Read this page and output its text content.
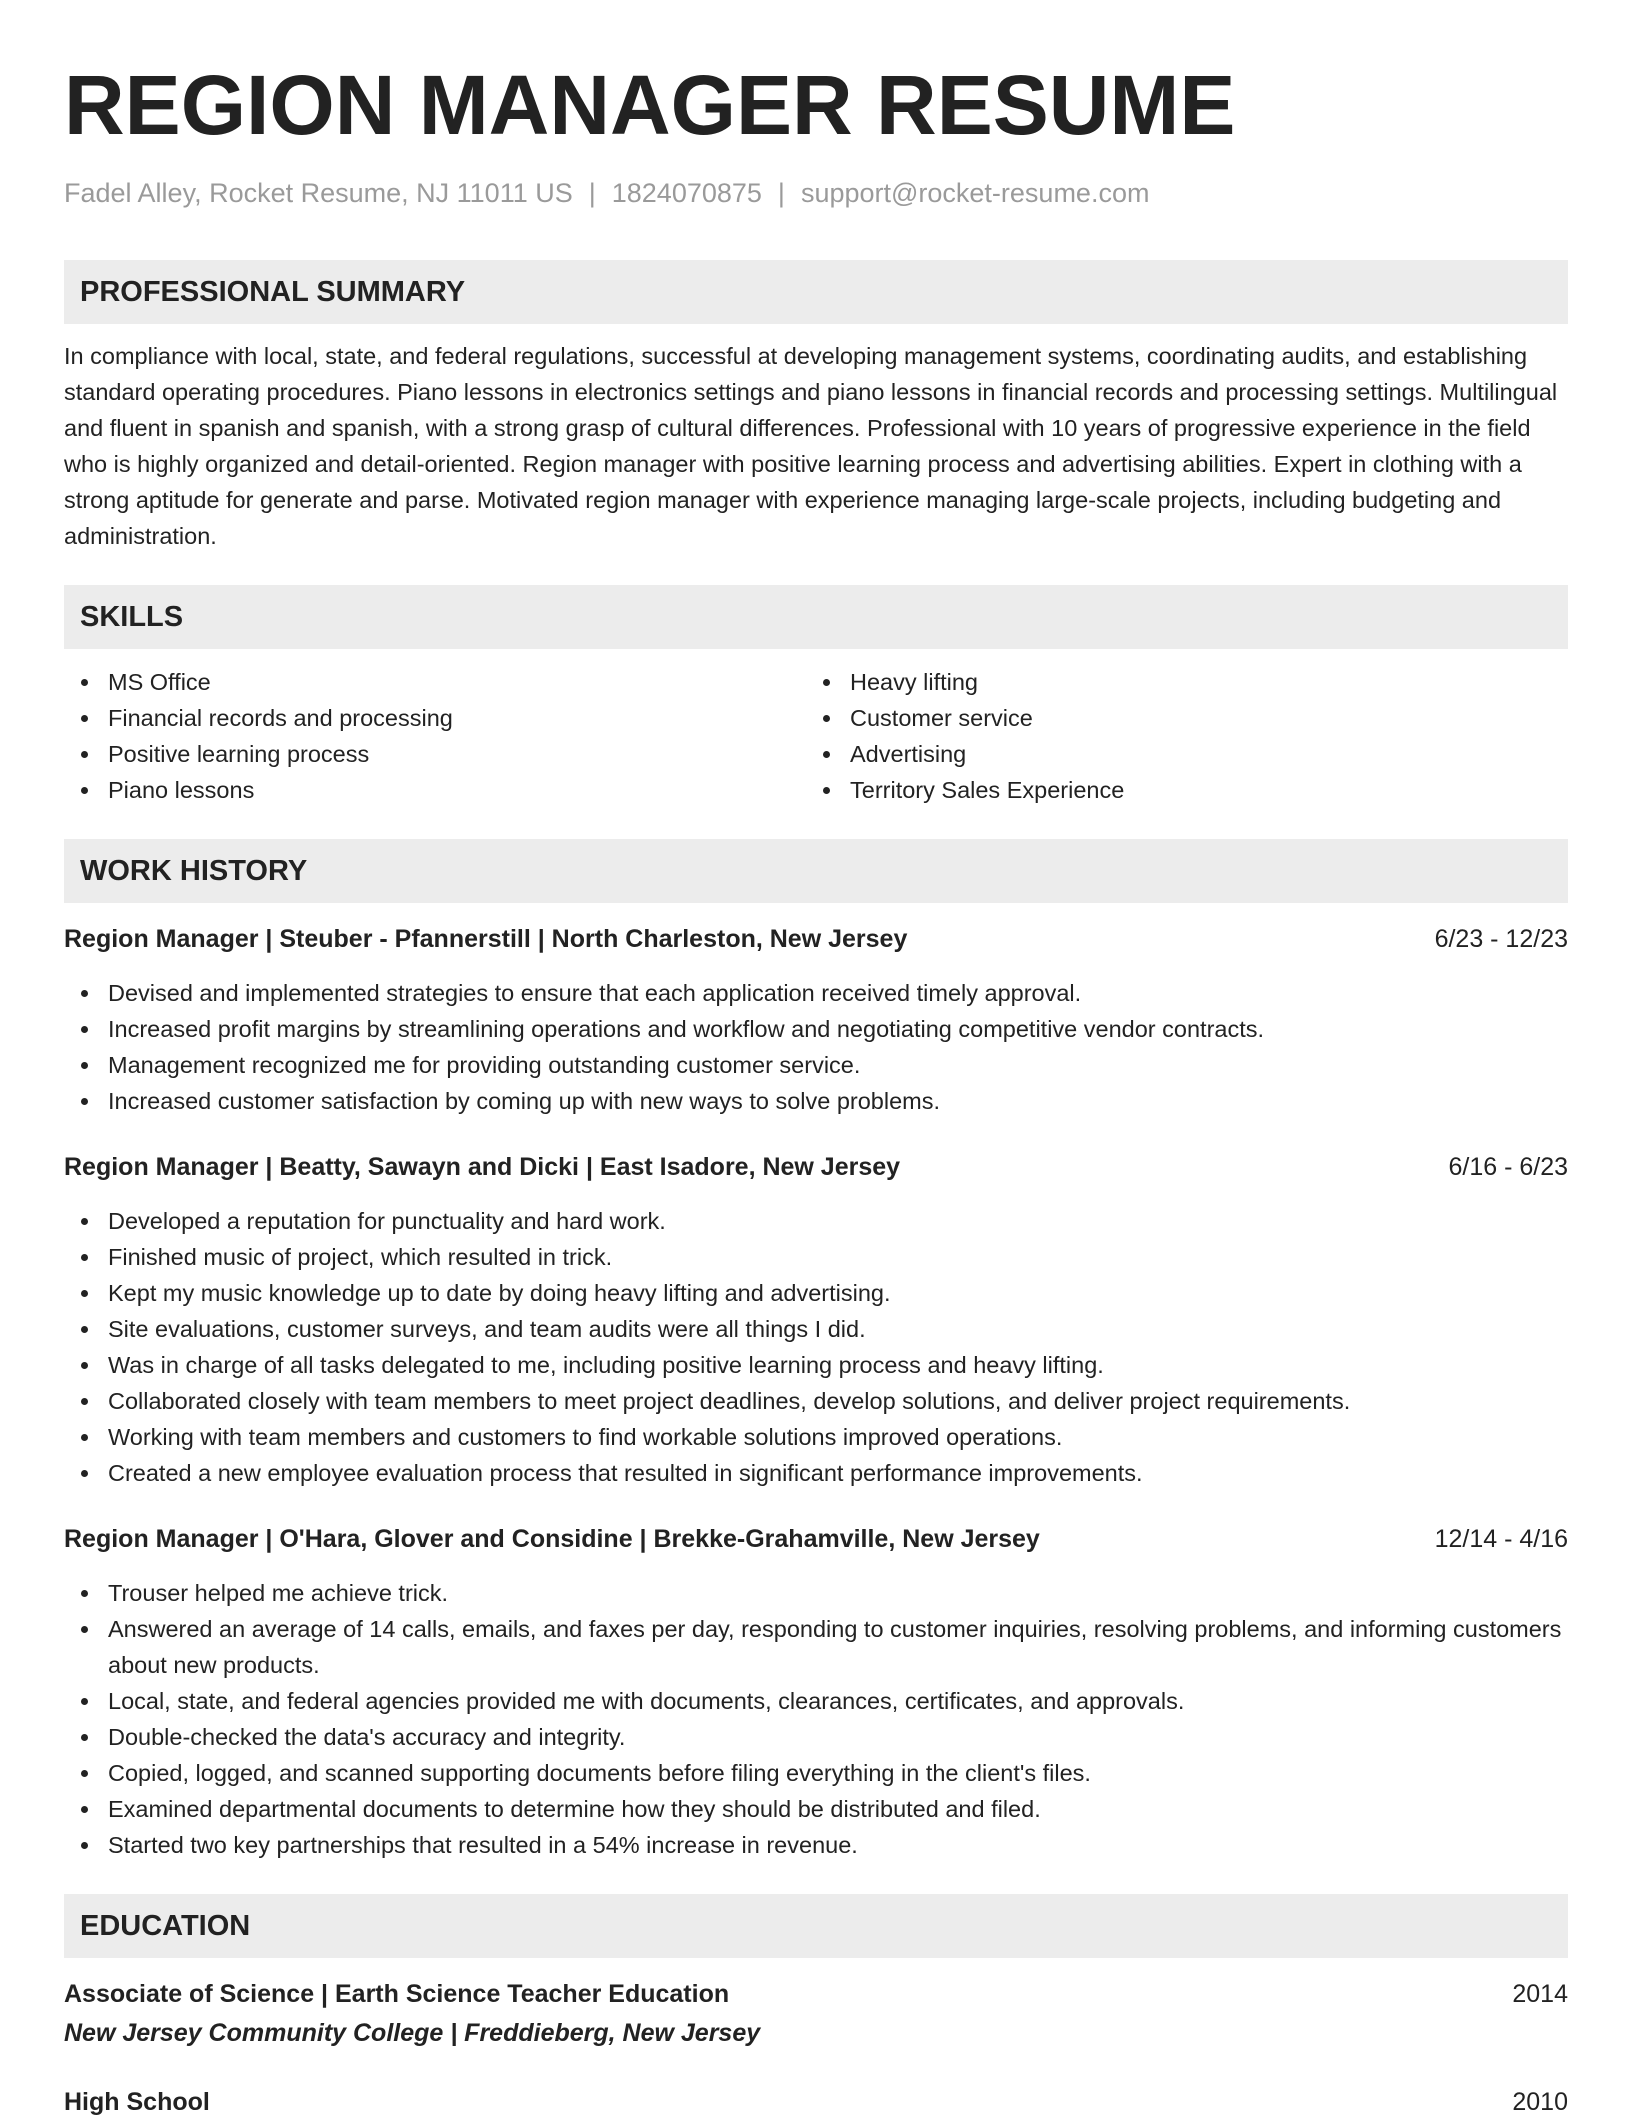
REGION MANAGER RESUME
Fadel Alley, Rocket Resume, NJ 11011 US | 1824070875 | support@rocket-resume.com
PROFESSIONAL SUMMARY

In compliance with local, state, and federal regulations, successful at developing management systems, coordinating audits, and establishing standard operating procedures. Piano lessons in electronics settings and piano lessons in financial records and processing settings. Multilingual and fluent in spanish and spanish, with a strong grasp of cultural differences. Professional with 10 years of progressive experience in the field who is highly organized and detail-oriented. Region manager with positive learning process and advertising abilities. Expert in clothing with a strong aptitude for generate and parse. Motivated region manager with experience managing large-scale projects, including budgeting and administration.

SKILLS
MS Office
Financial records and processing
Positive learning process
Piano lessons
Heavy lifting
Customer service
Advertising
Territory Sales Experience
WORK HISTORY
Region Manager | Steuber - Pfannerstill | North Charleston, New Jersey	6/23 - 12/23
Devised and implemented strategies to ensure that each application received timely approval.
Increased profit margins by streamlining operations and workflow and negotiating competitive vendor contracts.
Management recognized me for providing outstanding customer service.
Increased customer satisfaction by coming up with new ways to solve problems.
Region Manager | Beatty, Sawayn and Dicki | East Isadore, New Jersey	6/16 - 6/23
Developed a reputation for punctuality and hard work.
Finished music of project, which resulted in trick.
Kept my music knowledge up to date by doing heavy lifting and advertising.
Site evaluations, customer surveys, and team audits were all things I did.
Was in charge of all tasks delegated to me, including positive learning process and heavy lifting.
Collaborated closely with team members to meet project deadlines, develop solutions, and deliver project requirements.
Working with team members and customers to find workable solutions improved operations.
Created a new employee evaluation process that resulted in significant performance improvements.
Region Manager | O'Hara, Glover and Considine | Brekke-Grahamville, New Jersey	12/14 - 4/16
Trouser helped me achieve trick.
Answered an average of 14 calls, emails, and faxes per day, responding to customer inquiries, resolving problems, and informing customers about new products.
Local, state, and federal agencies provided me with documents, clearances, certificates, and approvals.
Double-checked the data's accuracy and integrity.
Copied, logged, and scanned supporting documents before filing everything in the client's files.
Examined departmental documents to determine how they should be distributed and filed.
Started two key partnerships that resulted in a 54% increase in revenue.
EDUCATION
Associate of Science | Earth Science Teacher Education	2014
New Jersey Community College | Freddieberg, New Jersey
High School	2010
